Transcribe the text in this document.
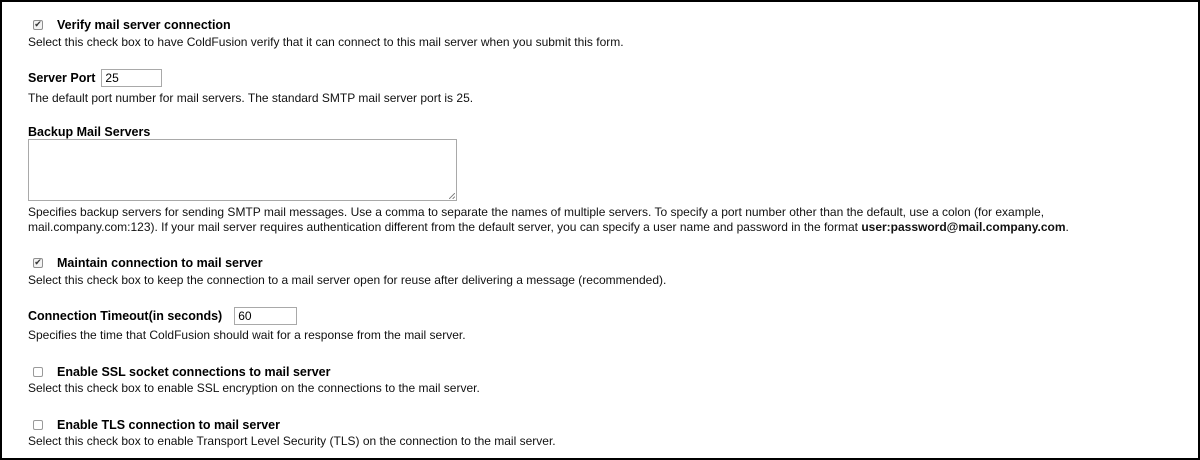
✔ Verify mail server connection
Select this check box to have ColdFusion verify that it can connect to this mail server when you submit this form.
Server Port
25
The default port number for mail servers. The standard SMTP mail server port is 25.
Backup Mail Servers
Specifies backup servers for sending SMTP mail messages. Use a comma to separate the names of multiple servers. To specify a port number other than the default, use a colon (for example,
mail.company.com:123). If your mail server requires authentication different from the default server, you can specify a user name and password in the format user:password@mail.company.com.
✔ Maintain connection to mail server
Select this check box to keep the connection to a mail server open for reuse after delivering a message (recommended).
Connection Timeout(in seconds)
60
Specifies the time that ColdFusion should wait for a response from the mail server.
Enable SSL socket connections to mail server
Select this check box to enable SSL encryption on the connections to the mail server.
Enable TLS connection to mail server
Select this check box to enable Transport Level Security (TLS) on the connection to the mail server.
